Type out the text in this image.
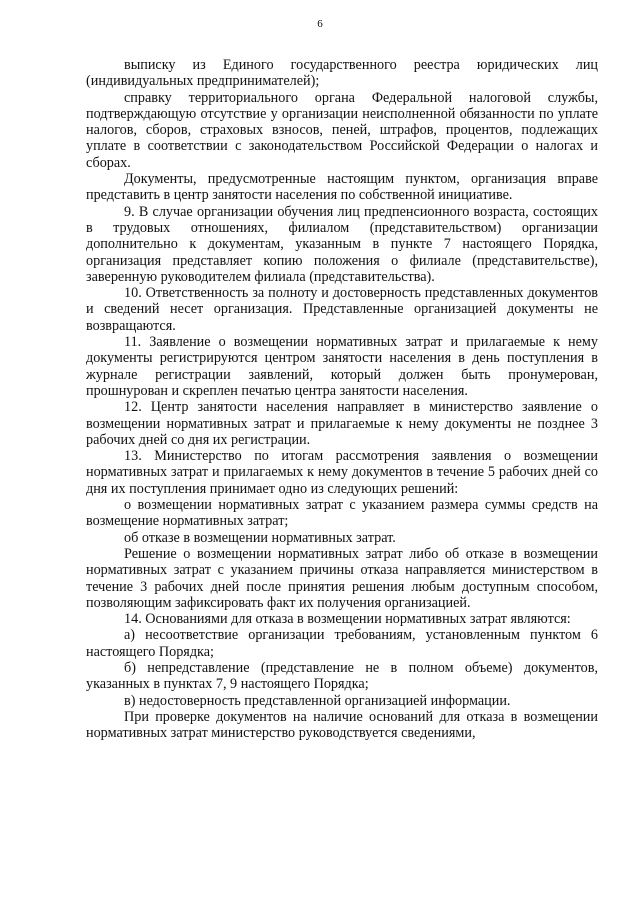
6

выписку из Единого государственного реестра юридических лиц (индивидуальных предпринимателей);

справку территориального органа Федеральной налоговой службы, подтверждающую отсутствие у организации неисполненной обязанности по уплате налогов, сборов, страховых взносов, пеней, штрафов, процентов, подлежащих уплате в соответствии с законодательством Российской Федерации о налогах и сборах.

Документы, предусмотренные настоящим пунктом, организация вправе представить в центр занятости населения по собственной инициативе.

9. В случае организации обучения лиц предпенсионного возраста, состоящих в трудовых отношениях, филиалом (представительством) организации дополнительно к документам, указанным в пункте 7 настоящего Порядка, организация представляет копию положения о филиале (представительстве), заверенную руководителем филиала (представительства).

10. Ответственность за полноту и достоверность представленных документов и сведений несет организация. Представленные организацией документы не возвращаются.

11. Заявление о возмещении нормативных затрат и прилагаемые к нему документы регистрируются центром занятости населения в день поступления в журнале регистрации заявлений, который должен быть пронумерован, прошнурован и скреплен печатью центра занятости населения.

12. Центр занятости населения направляет в министерство заявление о возмещении нормативных затрат и прилагаемые к нему документы не позднее 3 рабочих дней со дня их регистрации.

13. Министерство по итогам рассмотрения заявления о возмещении нормативных затрат и прилагаемых к нему документов в течение 5 рабочих дней со дня их поступления принимает одно из следующих решений:

о возмещении нормативных затрат с указанием размера суммы средств на возмещение нормативных затрат;

об отказе в возмещении нормативных затрат.

Решение о возмещении нормативных затрат либо об отказе в возмещении нормативных затрат с указанием причины отказа направляется министерством в течение 3 рабочих дней после принятия решения любым доступным способом, позволяющим зафиксировать факт их получения организацией.

14. Основаниями для отказа в возмещении нормативных затрат являются:

а) несоответствие организации требованиям, установленным пунктом 6 настоящего Порядка;

б) непредставление (представление не в полном объеме) документов, указанных в пунктах 7, 9 настоящего Порядка;

в) недостоверность представленной организацией информации.

При проверке документов на наличие оснований для отказа в возмещении нормативных затрат министерство руководствуется сведениями,
